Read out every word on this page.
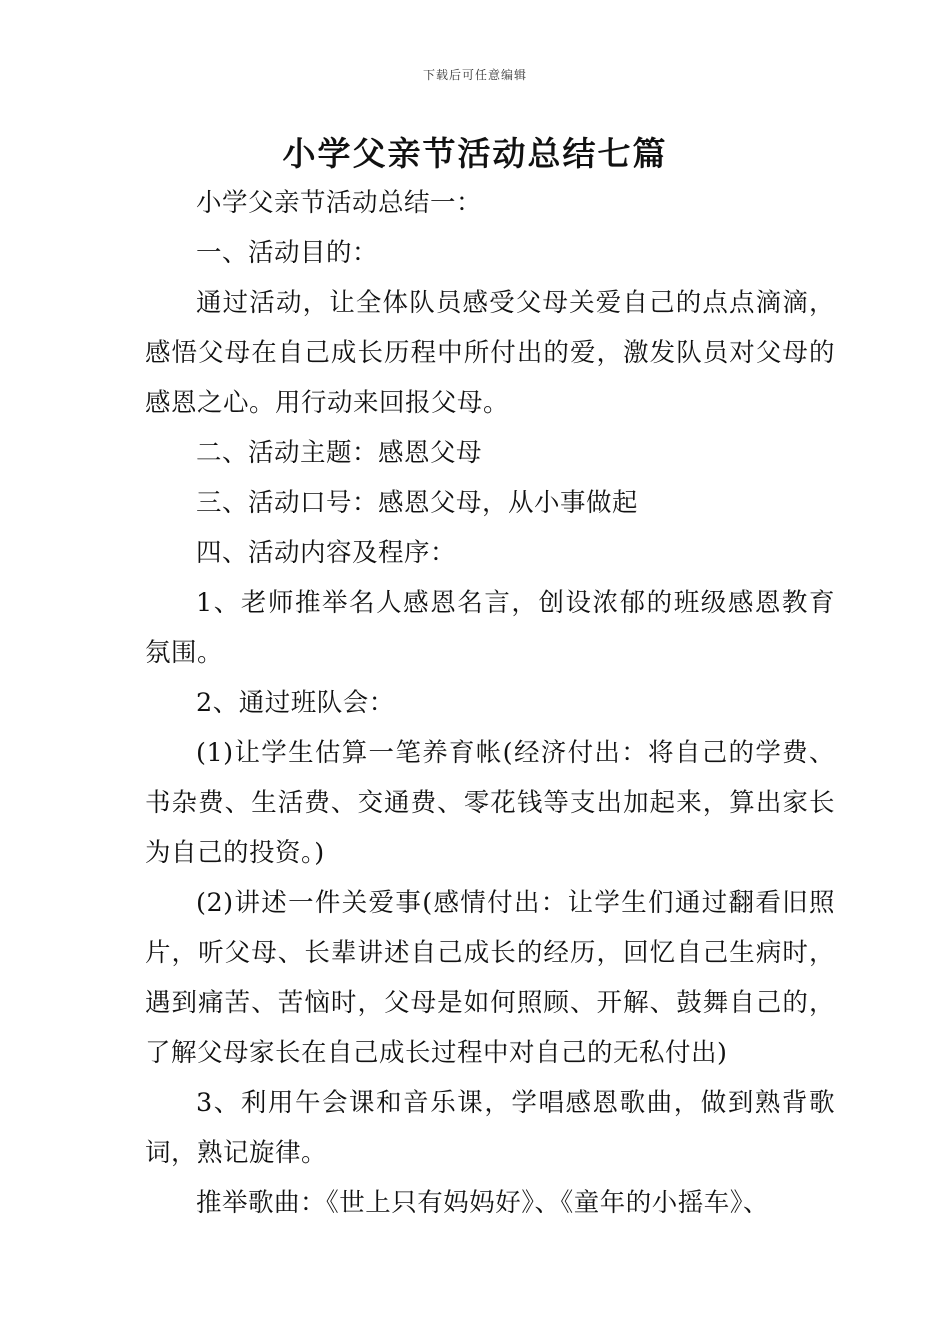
下载后可任意编辑
小学父亲节活动总结七篇

小学父亲节活动总结一：

一、活动目的：

通过活动，让全体队员感受父母关爱自己的点点滴滴，感悟父母在自己成长历程中所付出的爱，激发队员对父母的感恩之心。用行动来回报父母。

二、活动主题：感恩父母

三、活动口号：感恩父母，从小事做起

四、活动内容及程序：

1、老师推举名人感恩名言，创设浓郁的班级感恩教育氛围。

2、通过班队会：

(1)让学生估算一笔养育帐(经济付出：将自己的学费、书杂费、生活费、交通费、零花钱等支出加起来，算出家长为自己的投资。)

(2)讲述一件关爱事(感情付出：让学生们通过翻看旧照片，听父母、长辈讲述自己成长的经历，回忆自己生病时，遇到痛苦、苦恼时，父母是如何照顾、开解、鼓舞自己的，了解父母家长在自己成长过程中对自己的无私付出)

3、利用午会课和音乐课，学唱感恩歌曲，做到熟背歌词，熟记旋律。

推举歌曲：《世上只有妈妈好》、《童年的小摇车》、
